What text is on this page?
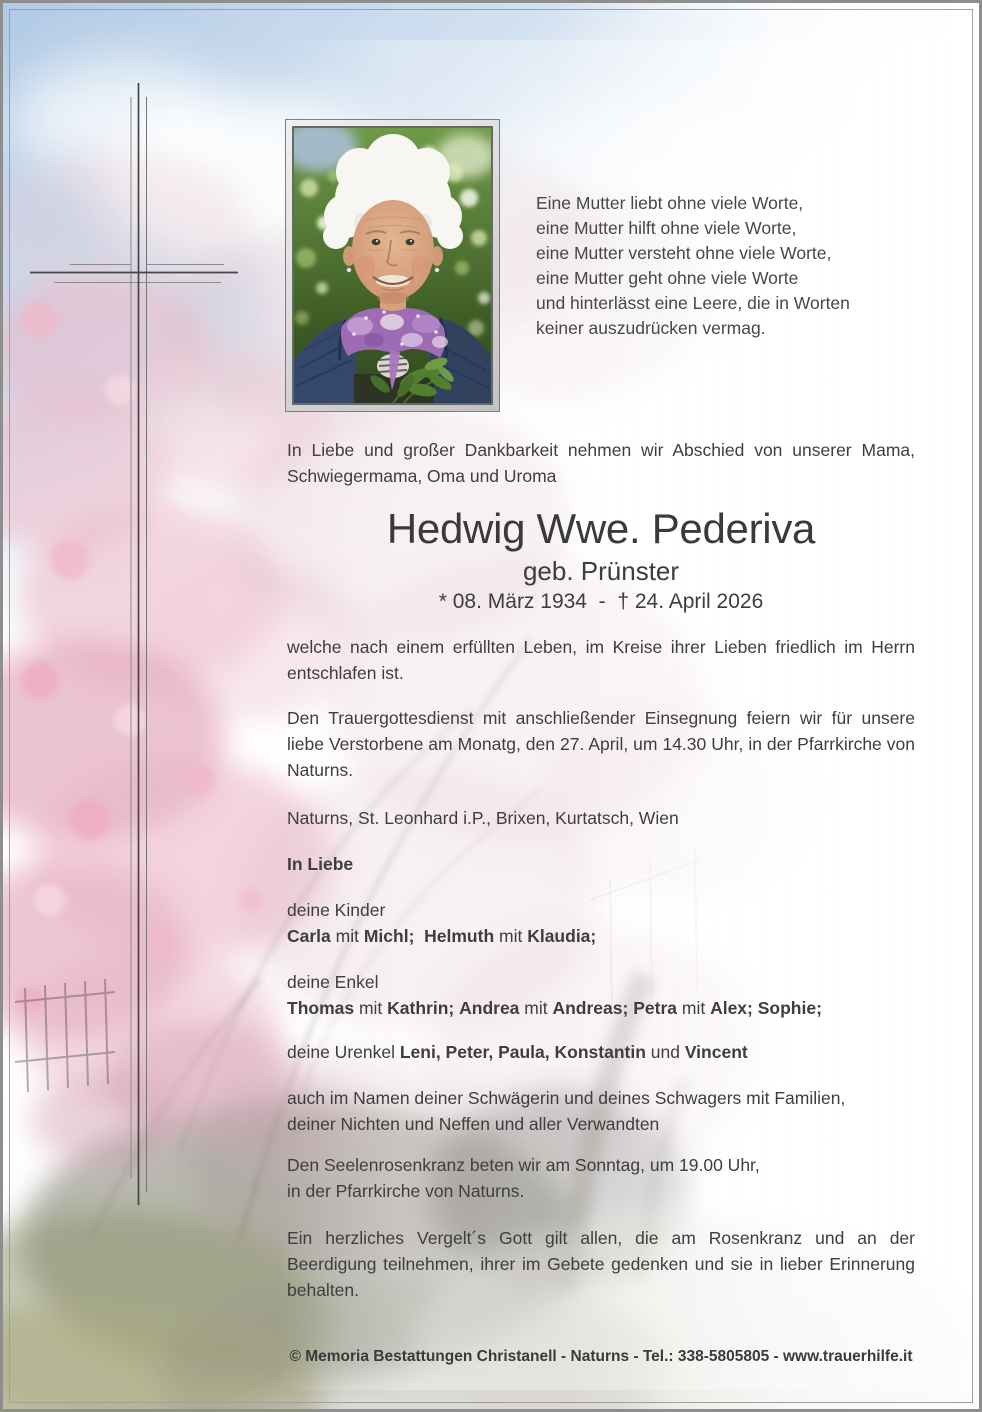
Eine Mutter liebt ohne viele Worte,
eine Mutter hilft ohne viele Worte,
eine Mutter versteht ohne viele Worte,
eine Mutter geht ohne viele Worte
und hinterlässt eine Leere, die in Worten
keiner auszudrücken vermag.
In Liebe und großer Dankbarkeit nehmen wir Abschied von unserer Mama,
Schwiegermama, Oma und Uroma
Hedwig Wwe. Pederiva
geb. Prünster
* 08. März 1934  -  † 24. April 2026
welche nach einem erfüllten Leben, im Kreise ihrer Lieben friedlich im Herrn
entschlafen ist.
Den Trauergottesdienst mit anschließender Einsegnung feiern wir für unsere
liebe Verstorbene am Monatg, den 27. April, um 14.30 Uhr, in der Pfarrkirche von
Naturns.
Naturns, St. Leonhard i.P., Brixen, Kurtatsch, Wien
In Liebe
deine Kinder
Carla mit Michl; Helmuth mit Klaudia;
deine Enkel
Thomas mit Kathrin; Andrea mit Andreas; Petra mit Alex; Sophie;
deine Urenkel Leni, Peter, Paula, Konstantin und Vincent
auch im Namen deiner Schwägerin und deines Schwagers mit Familien,
deiner Nichten und Neffen und aller Verwandten
Den Seelenrosenkranz beten wir am Sonntag, um 19.00 Uhr,
in der Pfarrkirche von Naturns.
Ein herzliches Vergelt´s Gott gilt allen, die am Rosenkranz und an der
Beerdigung teilnehmen, ihrer im Gebete gedenken und sie in lieber Erinnerung
behalten.
© Memoria Bestattungen Christanell - Naturns - Tel.: 338-5805805 - www.trauerhilfe.it
